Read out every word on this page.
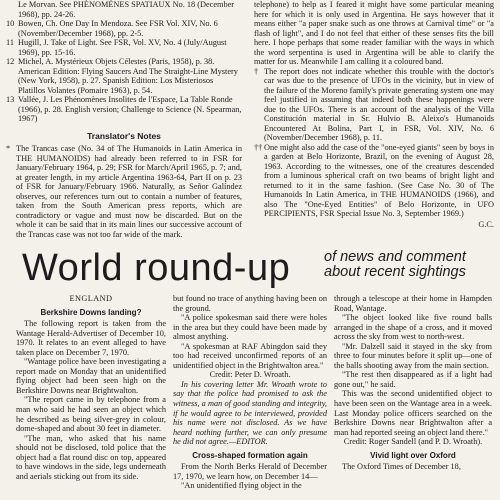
Le Morvan. See PHÉNOMÈNES SPATIAUX No. 18 (December 1968), pp. 24-26.
10 Bowen, Ch. One Day In Mendoza. See FSR Vol. XIV, No. 6 (November/December 1968), pp. 2-5.
11 Hugill, J. Take of Light. See FSR, Vol. XV, No. 4 (July/August 1969), pp. 15-16.
12 Michel, A. Mystérieux Objets Célestes (Paris, 1958), p. 38. American Edition: Flying Saucers And The Straight-Line Mystery (New York, 1958), p. 27. Spanish Edition: Los Misteriosos Platillos Volantes (Pomaire 1963), p. 54.
13 Vallée, J. Les Phénomènes Insolites de l'Espace, La Table Ronde (1966), p. 28. English version; Challenge to Science (N. Spearman, 1967)
Translator's Notes
* The Trancas case (No. 34 of The Humanoids in Latin America in THE HUMANOIDS) had already been referred to in FSR for January/February 1964, p. 29; FSR for March/April 1965, p. 7; and, at greater length, in my article Argentina 1963-64, Part II on p. 23 of FSR for January/February 1966. Naturally, as Señor Galíndez observes, our references turn out to contain a number of features, taken from the South American press reports, which are contradictory or vague and must now be discarded. But on the whole it can be said that in its main lines our successive account of the Trancas case was not too far wide of the mark.

telephone) to help as I feared it might have some particular meaning here for which it is only used in Argentina. He says however that it means either "a paper snake such as one throws at Carnival time" or "a flash of light", and I do not feel that either of these senses fits the bill here. I hope perhaps that some reader familiar with the ways in which the word serpentina is used in Argentina will be able to clarify the matter for us. Meanwhile I am calling it a coloured band.

† The report does not indicate whether this trouble with the doctor's car was due to the presence of UFOs in the vicinity, but in view of the failure of the Moreno family's private generating system one may feel justified in assuming that indeed both these happenings were due to the UFOs. There is an account of the analysis of the Villa Constitución material in Sr. Hulvio B. Aleixo's Humanoids Encountered At Bolina, Part I, in FSR, Vol. XIV, No. 6 (November/December 1968), p. 11.
†† One might also add the case of the "one-eyed giants" seen by boys in a garden at Belo Horizonte, Brazil, on the evening of August 28, 1963. According to the witnesses, one of the creatures descended from a luminous spherical craft on two beams of bright light and returned to it in the same fashion. (See Case No. 30 of The Humanoids In Latin America, in THE HUMANOIDS (1966), and also The "One-Eyed Entities" of Belo Horizonte, in UFO PERCIPIENTS, FSR Special Issue No. 3, September 1969.)
G.C.
World round-up of news and comment about recent sightings
ENGLAND
Berkshire Downs landing?

The following report is taken from the Wantage Herald-Advertiser of December 10, 1970. It relates to an event alleged to have taken place on December 7, 1970.

"Wantage police have been investigating a report made on Monday that an unidentified flying object had been seen high on the Berkshire Downs near Brightwalton.

"The report came in by telephone from a man who said he had seen an object which he described as being silver-grey in colour, dome-shaped and about 30 feet in diameter.

"The man, who asked that his name should not be disclosed, told police that the object had a flat round disc on top, appeared to have windows in the side, legs underneath and aerials sticking out from its side.

but found no trace of anything having been on the ground.

"A police spokesman said there were holes in the area but they could have been made by almost anything.

"A spokesman at RAF Abingdon said they too had received unconfirmed reports of an unidentified object in the Brightwalton area."

Credit: Peter D. Wroath.

In his covering letter Mr. Wroath wrote to say that the police had promised to ask the witness, a man of good standing and integrity, if he would agree to be interviewed, provided his name were not disclosed. As we have heard nothing further, we can only presume he did not agree.—EDITOR.

Cross-shaped formation again

From the North Berks Herald of December 17, 1970, we learn how, on December 14—

"An unidentified flying object in the

through a telescope at their home in Hampden Road, Wantage.

"The object looked like five round balls arranged in the shape of a cross, and it moved across the sky from west to north-west.

"Mr. Dalzell said it stayed in the sky from three to four minutes before it split up—one of the balls shooting away from the main section.

"The rest then disappeared as if a light had gone out," he said.

This was the second unidentified object to have been seen on the Wantage area in a week. Last Monday police officers searched on the Berkshire Downs near Brightwalton after a man had reported seeing an object land there."

Credit: Roger Sandell (and P. D. Wroath).

Vivid light over Oxford

The Oxford Times of December 18,
